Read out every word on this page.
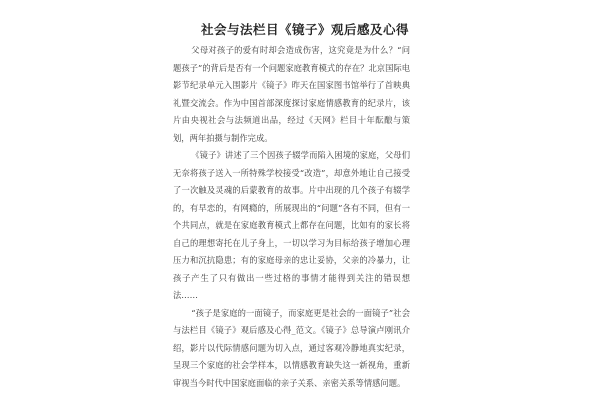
社会与法栏目《镜子》观后感及心得

父母对孩子的爱有时却会造成伤害，这究竟是为什么？“问题孩子”的背后是否有一个问题家庭教育模式的存在？北京国际电影节纪录单元入围影片《镜子》昨天在国家图书馆举行了首映典礼暨交流会。作为中国首部深度探讨家庭情感教育的纪录片，该片由央视社会与法频道出品，经过《天网》栏目十年酝酿与策划，两年拍摄与制作完成。

《镜子》讲述了三个因孩子辍学而陷入困境的家庭，父母们无奈将孩子送入一所特殊学校接受“改造”，却意外地让自己接受了一次触及灵魂的后蒙教育的故事。片中出现的几个孩子有辍学的，有早恋的，有网瘾的，所展现出的“问题”各有不同，但有一个共同点，就是在家庭教育模式上都存在问题，比如有的家长将自己的理想寄托在儿子身上，一切以学习为目标给孩子增加心理压力和沉抗隐患；有的家庭母亲的忠让妥协，父亲的冷暴力，让孩子产生了只有做出一些过格的事情才能得到关注的错误想法……

“孩子是家庭的一面镜子，而家庭更是社会的一面镜子”社会与法栏目《镜子》观后感及心得_范文。《镜子》总导演卢刚讯介绍，影片以代际情感问题为切入点，通过客观冷静地真实纪录，呈现三个家庭的社会学样本，以情感教育缺失这一新视角，重新审视当今时代中国家庭面临的亲子关系、亲密关系等情感问题。
